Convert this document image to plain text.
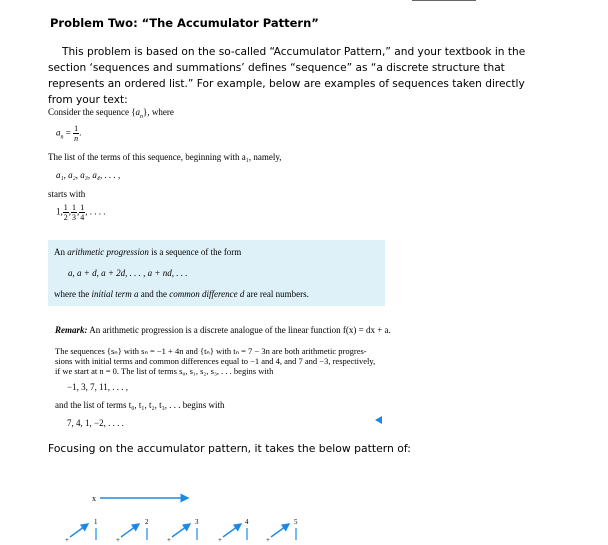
Problem Two: “The Accumulator Pattern”
This problem is based on the so-called “Accumulator Pattern,” and your textbook in the section ‘sequences and summations’ defines “sequence” as “a discrete structure that represents an ordered list.” For example, below are examples of sequences taken directly from your text:
Consider the sequence $\{a_n\}$, where
$a_n = \frac{1}{n}$ .
The list of the terms of this sequence, beginning with a₁, namely,
a₁, a₂, a₃, a₄, . . . ,
starts with
1, $\frac{1}{2}$ , $\frac{1}{3}$ , $\frac{1}{4}$ , . . . .
An arithmetic progression is a sequence of the form
a, a + d, a + 2d, . . . , a + nd, . . .
where the initial term a and the common difference d are real numbers.
Remark: An arithmetic progression is a discrete analogue of the linear function f(x) = dx + a.
The sequences {sₙ} with sₙ = −1 + 4n and {tₙ} with tₙ = 7 − 3n are both arithmetic progres-
sions with initial terms and common differences equal to −1 and 4, and 7 and −3, respectively,
if we start at n = 0. The list of terms s₀, s₁, s₂, s₃, . . . begins with
−1, 3, 7, 11, . . . ,
and the list of terms t₀, t₁, t₂, t₃, . . . begins with
7, 4, 1, −2, . . . .
Focusing on the accumulator pattern, it takes the below pattern of:
x
+
1
+
2
+
3
+
4
+
5
